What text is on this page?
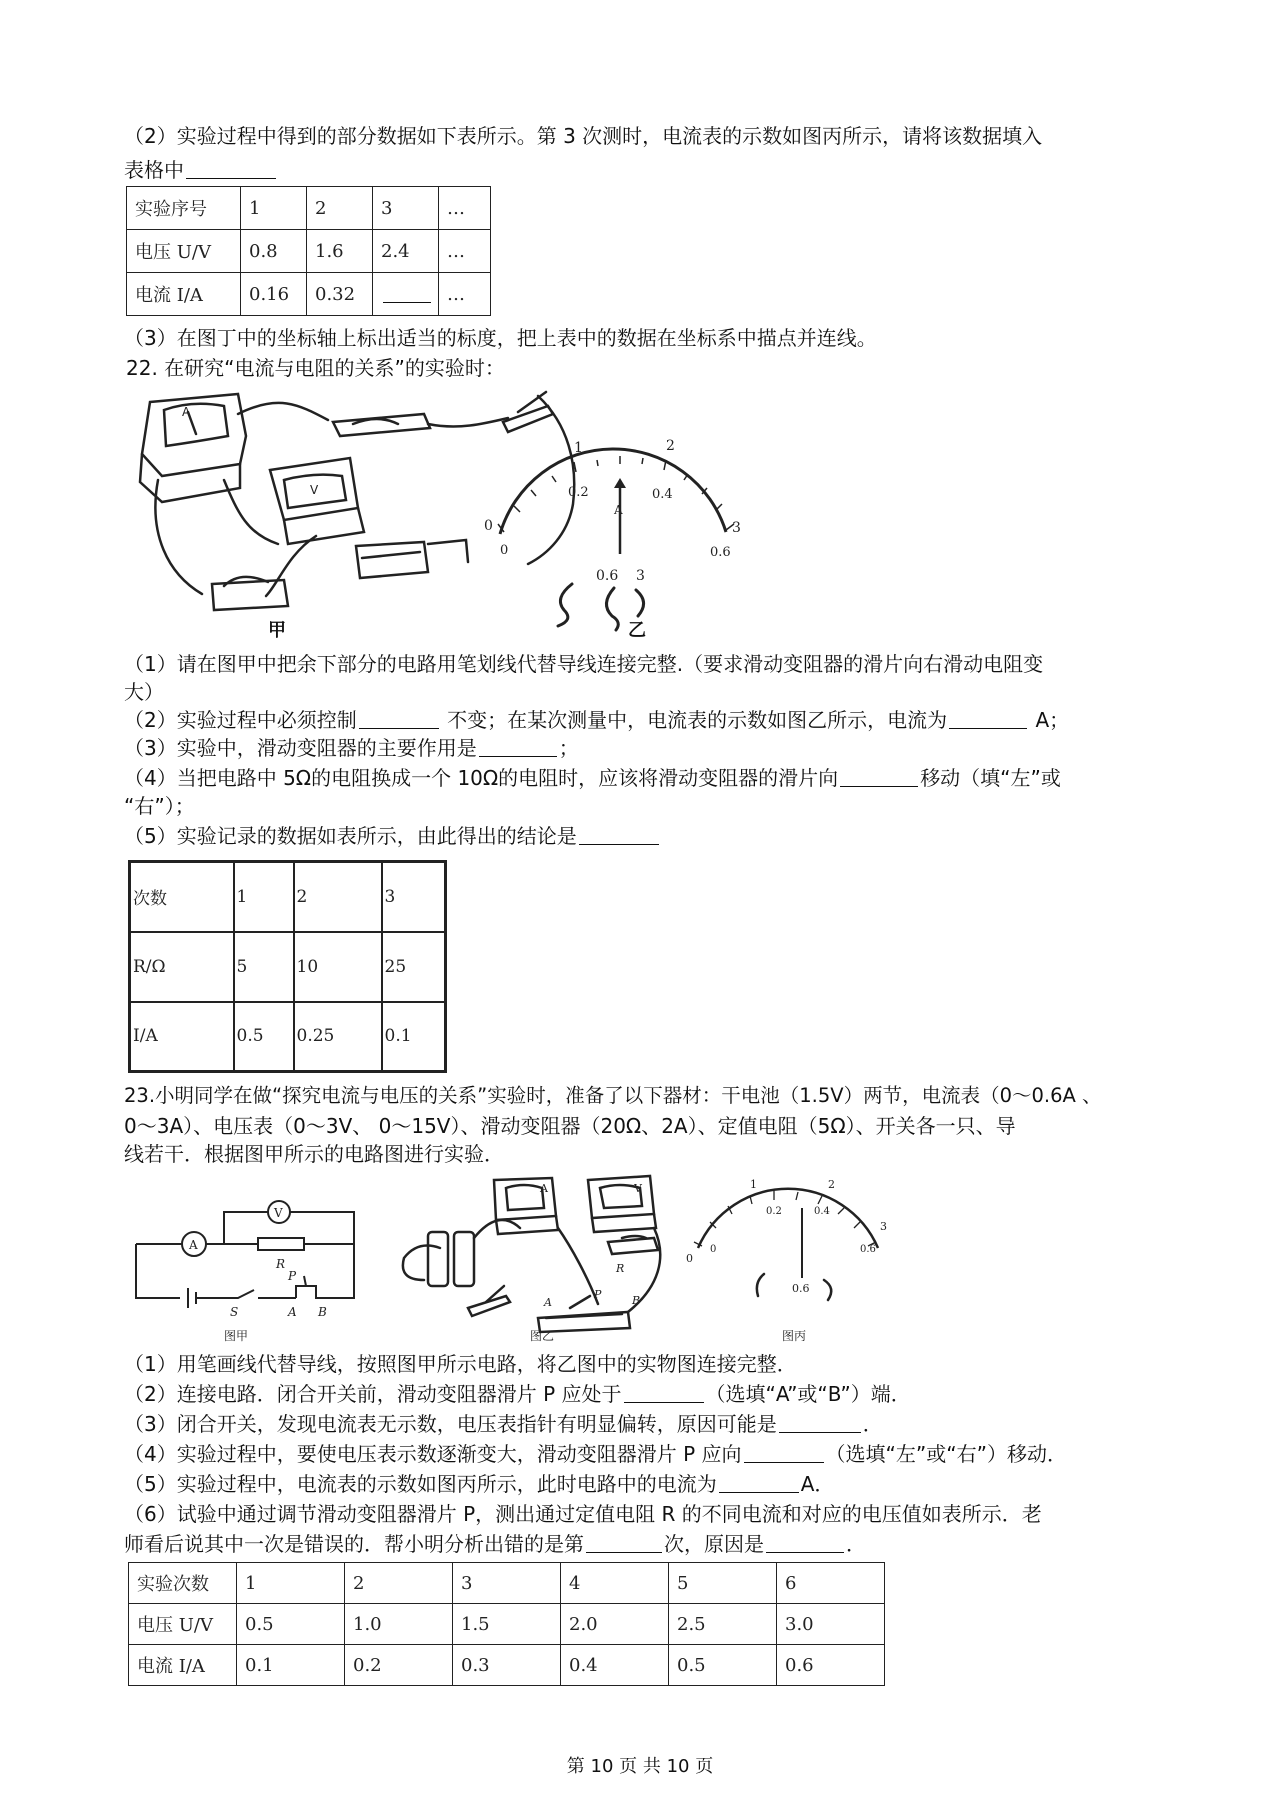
（2）实验过程中得到的部分数据如下表所示。第 3 次测时，电流表的示数如图丙所示，请将该数据填入
表格中
实验序号	1	2	3	…
电压 U/V	0.8	1.6	2.4	…
电流 I/A	0.16	0.32		…
（3）在图丁中的坐标轴上标出适当的标度，把上表中的数据在坐标系中描点并连线。
22. 在研究“电流与电阻的关系”的实验时：
A
V
甲
1	2
0	3
0
0.2	0.4
0.6
A
0.6 3
乙
（1）请在图甲中把余下部分的电路用笔划线代替导线连接完整.（要求滑动变阻器的滑片向右滑动电阻变
大）
（2）实验过程中必须控制	不变；在某次测量中，电流表的示数如图乙所示，电流为	A；
（3）实验中，滑动变阻器的主要作用是	；
（4）当把电路中 5Ω的电阻换成一个 10Ω的电阻时，应该将滑动变阻器的滑片向	移动（填“左”或
“右”）；
（5）实验记录的数据如表所示，由此得出的结论是
次数	1	2	3
R/Ω	5	10	25
I/A	0.5	0.25	0.1
23.小明同学在做“探究电流与电压的关系”实验时，准备了以下器材：干电池（1.5V）两节，电流表（0～0.6A 、
0～3A）、电压表（0～3V、 0～15V）、滑动变阻器（20Ω、2A）、定值电阻（5Ω）、开关各一只、导
线若干．根据图甲所示的电路图进行实验．
A
V
R
S
P
A B
图甲
A	V
R
A
P	B
图乙
0
1	2
3
0
0.2	0.4
0.6
0.6
图丙
（1）用笔画线代替导线，按照图甲所示电路，将乙图中的实物图连接完整．
（2）连接电路．闭合开关前，滑动变阻器滑片 P 应处于	（选填“A”或“B”）端．
（3）闭合开关，发现电流表无示数，电压表指针有明显偏转，原因可能是	．
（4）实验过程中，要使电压表示数逐渐变大，滑动变阻器滑片 P 应向	（选填“左”或“右”）移动．
（5）实验过程中，电流表的示数如图丙所示，此时电路中的电流为	A．
（6）试验中通过调节滑动变阻器滑片 P，测出通过定值电阻 R 的不同电流和对应的电压值如表所示．老
师看后说其中一次是错误的．帮小明分析出错的是第	次，原因是	．
实验次数	1	2	3	4	5	6
电压 U/V	0.5	1.0	1.5	2.0	2.5	3.0
电流 I/A	0.1	0.2	0.3	0.4	0.5	0.6
第 10 页 共 10 页
